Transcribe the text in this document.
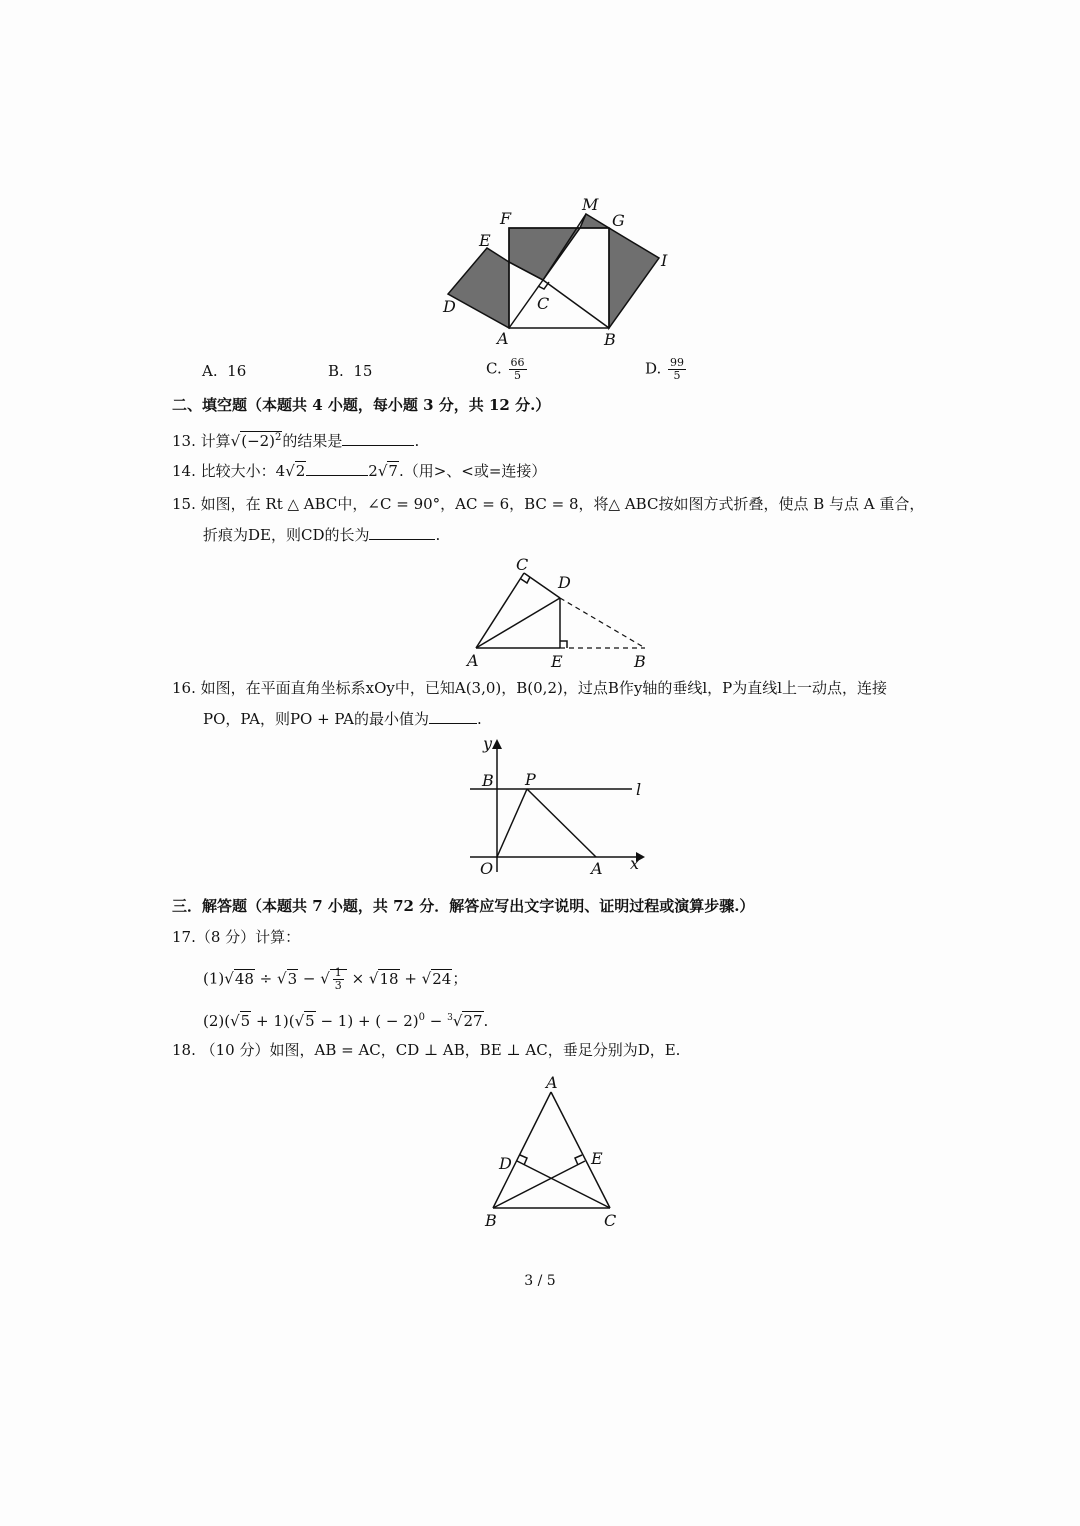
F
M
G
E
I
D	C
A	B
A. 16	B. 15	C. $\frac{66}{5}$	D. $\frac{99}{5}$
二、填空题（本题共 4 小题，每小题 3 分，共 12 分.）
13. 计算$√(-2)^2$的结果是	.
14. 比较大小：4√2	2√7.（用>、<或=连接）
15. 如图，在 Rt △ ABC中，∠C = 90°，AC = 6，BC = 8，将△ ABC按如图方式折叠，使点 B 与点 A 重合，
折痕为DE，则CD的长为	.
C
D
A	E	B
16. 如图，在平面直角坐标系xOy中，已知A(3,0)，B(0,2)，过点B作y轴的垂线l，P为直线l上一动点，连接
PO，PA，则PO + PA的最小值为	.
y
B P
l
O	A x
三．解答题（本题共 7 小题，共 72 分．解答应写出文字说明、证明过程或演算步骤.）
17.（8 分）计算：
(1)√48 ÷ √3 − √ $\frac{1}{3} \times √18 + √24$；
(2)(√5 + 1)(√5 − 1) + ( − 2)$^0$ − $^3$√27.
18. （10 分）如图，AB = AC，CD ⊥ AB，BE ⊥ AC，垂足分别为D，E.
A
D	E
B	C
3 / 5
